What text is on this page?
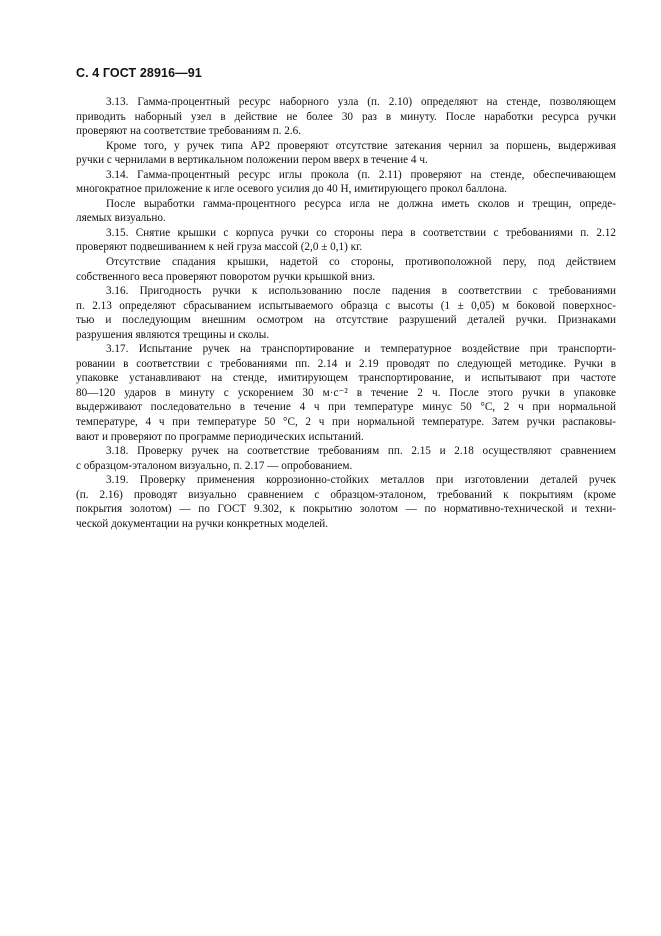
С. 4 ГОСТ 28916—91
3.13. Гамма-процентный ресурс наборного узла (п. 2.10) определяют на стенде, позволяющем
приводить наборный узел в действие не более 30 раз в минуту. После наработки ресурса ручки
проверяют на соответствие требованиям п. 2.6.
Кроме того, у ручек типа АР2 проверяют отсутствие затекания чернил за поршень, выдерживая
ручки с чернилами в вертикальном положении пером вверх в течение 4 ч.
3.14. Гамма-процентный ресурс иглы прокола (п. 2.11) проверяют на стенде, обеспечивающем
многократное приложение к игле осевого усилия до 40 Н, имитирующего прокол баллона.
После выработки гамма-процентного ресурса игла не должна иметь сколов и трещин, опреде-
ляемых визуально.
3.15. Снятие крышки с корпуса ручки со стороны пера в соответствии с требованиями п. 2.12
проверяют подвешиванием к ней груза массой (2,0 ± 0,1) кг.
Отсутствие спадания крышки, надетой со стороны, противоположной перу, под действием
собственного веса проверяют поворотом ручки крышкой вниз.
3.16. Пригодность ручки к использованию после падения в соответствии с требованиями
п. 2.13 определяют сбрасыванием испытываемого образца с высоты (1 ± 0,05) м боковой поверхнос-
тью и последующим внешним осмотром на отсутствие разрушений деталей ручки. Признаками
разрушения являются трещины и сколы.
3.17. Испытание ручек на транспортирование и температурное воздействие при транспорти-
ровании в соответствии с требованиями пп. 2.14 и 2.19 проводят по следующей методике. Ручки в
упаковке устанавливают на стенде, имитирующем транспортирование, и испытывают при частоте
80—120 ударов в минуту с ускорением 30 м·с⁻² в течение 2 ч. После этого ручки в упаковке
выдерживают последовательно в течение 4 ч при температуре минус 50 °С, 2 ч при нормальной
температуре, 4 ч при температуре 50 °С, 2 ч при нормальной температуре. Затем ручки распаковы-
вают и проверяют по программе периодических испытаний.
3.18. Проверку ручек на соответствие требованиям пп. 2.15 и 2.18 осуществляют сравнением
с образцом-эталоном визуально, п. 2.17 — опробованием.
3.19. Проверку применения коррозионно-стойких металлов при изготовлении деталей ручек
(п. 2.16) проводят визуально сравнением с образцом-эталоном, требований к покрытиям (кроме
покрытия золотом) — по ГОСТ 9.302, к покрытию золотом — по нормативно-технической и техни-
ческой документации на ручки конкретных моделей.
